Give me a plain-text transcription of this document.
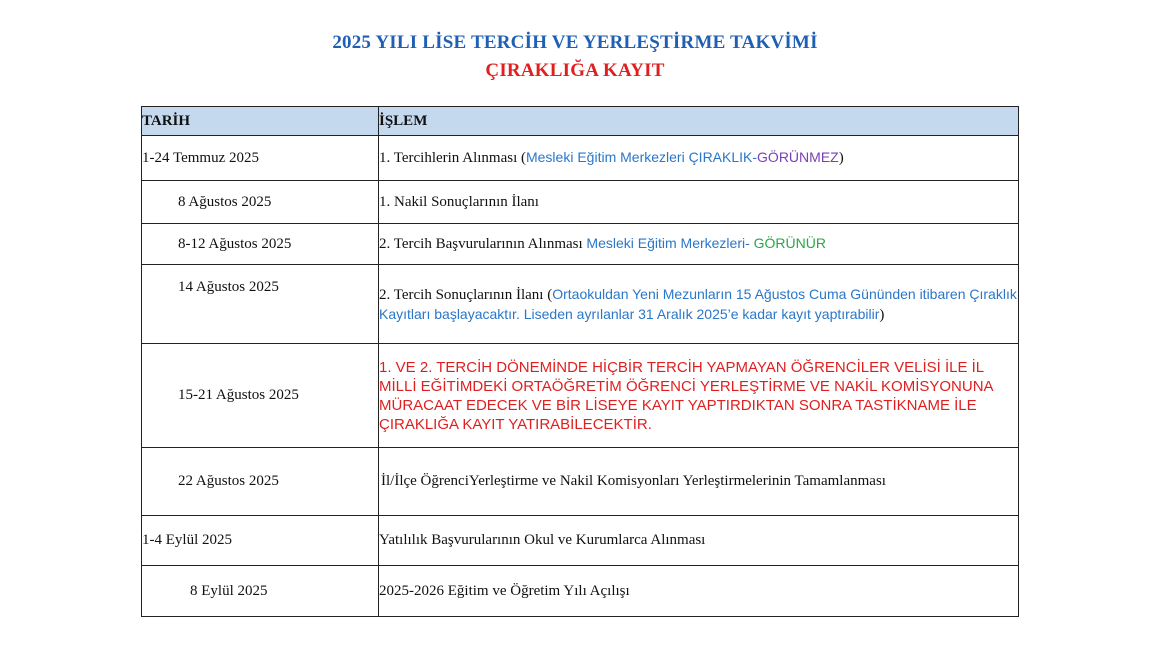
2025 YILI LİSE TERCİH VE YERLEŞTİRME TAKVİMİ
ÇIRAKLIĞA KAYIT
TARİH	İŞLEM
1-24 Temmuz 2025	1. Tercihlerin Alınması (Mesleki Eğitim Merkezleri ÇIRAKLIK-GÖRÜNMEZ)
8 Ağustos 2025	1. Nakil Sonuçlarının İlanı
8-12 Ağustos 2025	2. Tercih Başvurularının Alınması Mesleki Eğitim Merkezleri- GÖRÜNÜR
14 Ağustos 2025	2. Tercih Sonuçlarının İlanı (Ortaokuldan Yeni Mezunların 15 Ağustos Cuma Gününden itibaren Çıraklık Kayıtları başlayacaktır. Liseden ayrılanlar 31 Aralık 2025’e kadar kayıt yaptırabilir)
15-21 Ağustos 2025	1. VE 2. TERCİH DÖNEMİNDE HİÇBİR TERCİH YAPMAYAN ÖĞRENCİLER VELİSİ İLE İL MİLLİ EĞİTİMDEKİ ORTAÖĞRETİM ÖĞRENCİ YERLEŞTİRME VE NAKİL KOMİSYONUNA MÜRACAAT EDECEK VE BİR LİSEYE KAYIT YAPTIRDIKTAN SONRA TASTİKNAME İLE ÇIRAKLIĞA KAYIT YATIRABİLECEKTİR.
22 Ağustos 2025	İl/İlçe ÖğrenciYerleştirme ve Nakil Komisyonları Yerleştirmelerinin Tamamlanması
1-4 Eylül 2025	Yatılılık Başvurularının Okul ve Kurumlarca Alınması
8 Eylül 2025	2025-2026 Eğitim ve Öğretim Yılı Açılışı
